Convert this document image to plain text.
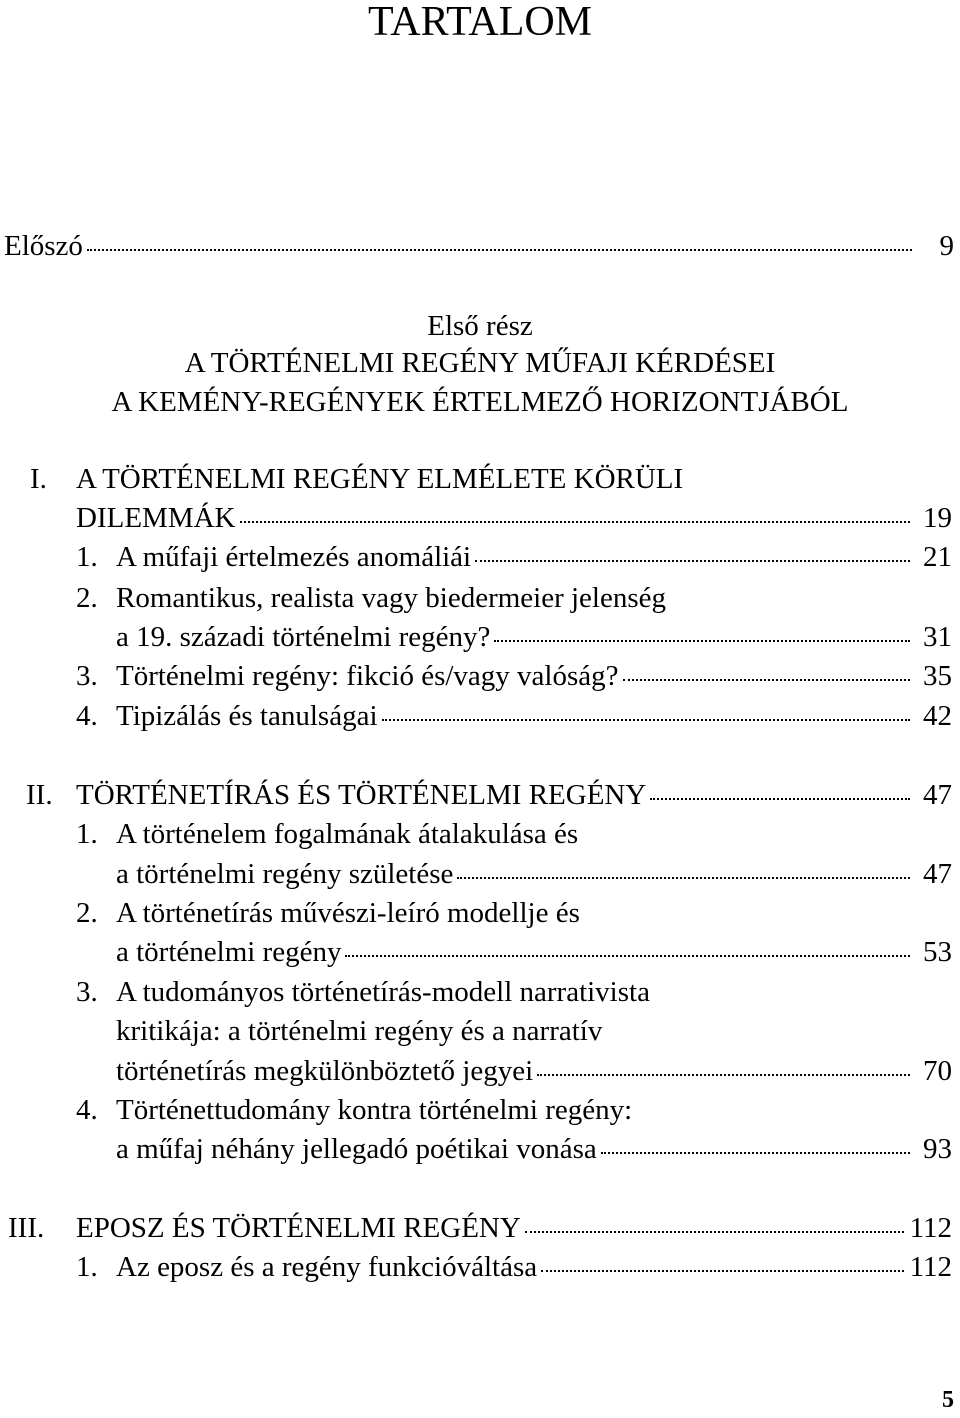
TARTALOM
Előszó	9
Első rész
A TÖRTÉNELMI REGÉNY MŰFAJI KÉRDÉSEI
A KEMÉNY-REGÉNYEK ÉRTELMEZŐ HORIZONTJÁBÓL
I. A TÖRTÉNELMI REGÉNY ELMÉLETE KÖRÜLI
DILEMMÁK	19
1. A műfaji értelmezés anomáliái	21
2. Romantikus, realista vagy biedermeier jelenség
a 19. századi történelmi regény?	31
3. Történelmi regény: fikció és/vagy valóság?	35
4. Tipizálás és tanulságai	42
II. TÖRTÉNETÍRÁS ÉS TÖRTÉNELMI REGÉNY	47
1. A történelem fogalmának átalakulása és
a történelmi regény születése	47
2. A történetírás művészi-leíró modellje és
a történelmi regény	53
3. A tudományos történetírás-modell narrativista
kritikája: a történelmi regény és a narratív
történetírás megkülönböztető jegyei	70
4. Történettudomány kontra történelmi regény:
a műfaj néhány jellegadó poétikai vonása	93
III. EPOSZ ÉS TÖRTÉNELMI REGÉNY	112
1. Az eposz és a regény funkcióváltása	112
5
